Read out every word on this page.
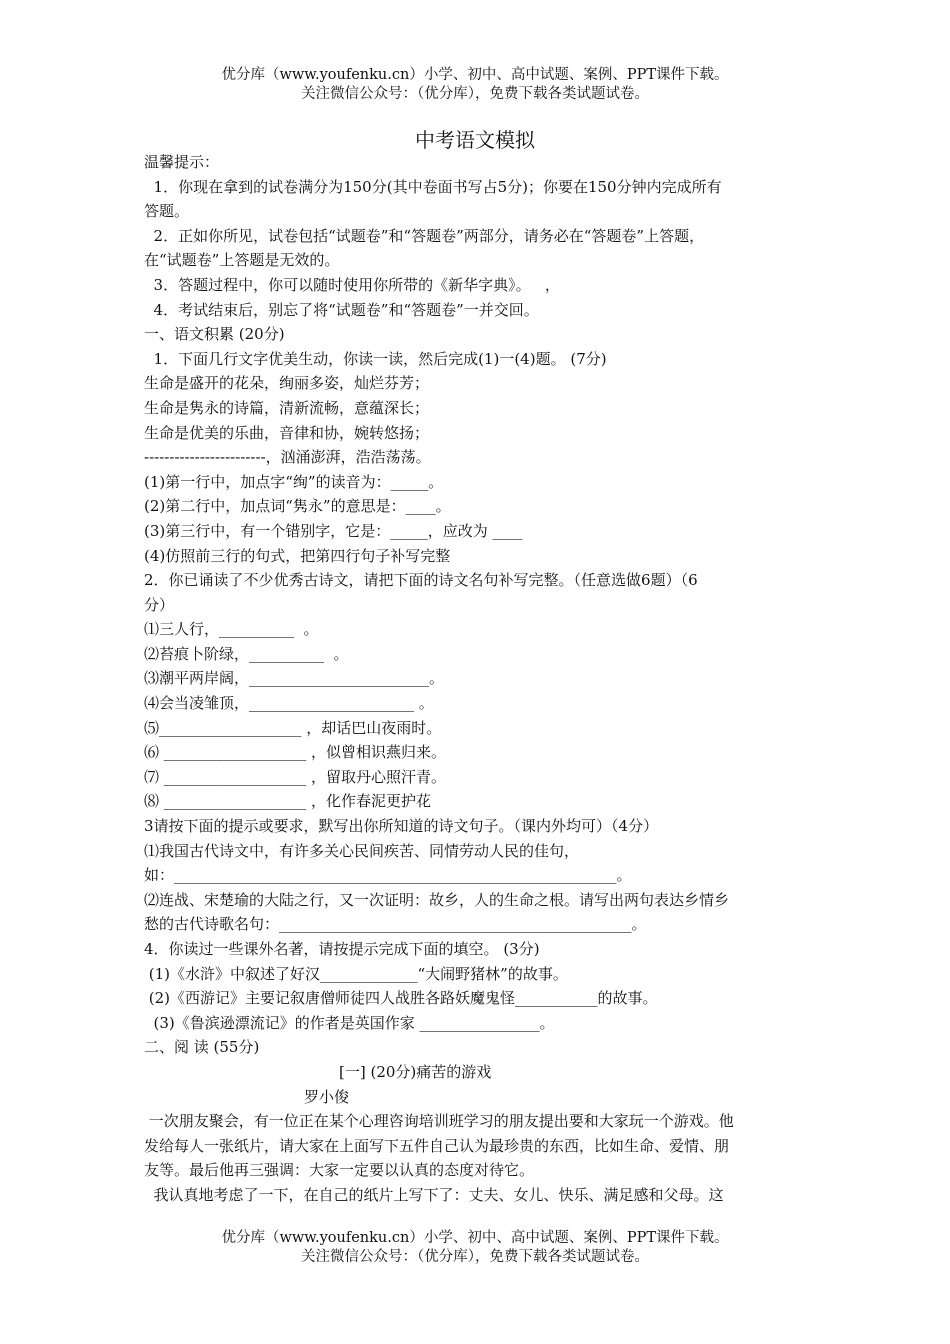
优分库（www.youfenku.cn）小学、初中、高中试题、案例、PPT课件下载。
关注微信公众号：（优分库），免费下载各类试题试卷。
中考语文模拟

温馨提示：

1．你现在拿到的试卷满分为150分(其中卷面书写占5分)；你要在150分钟内完成所有

答题。

2．正如你所见，试卷包括“试题卷”和“答题卷”两部分，请务必在“答题卷”上答题，

在“试题卷”上答题是无效的。

3．答题过程中，你可以随时使用你所带的《新华字典》。   ，

4．考试结束后，别忘了将“试题卷”和“答题卷”一并交回。

一、语文积累 (20分)

1．下面几行文字优美生动，你读一读，然后完成(1)一(4)题。 (7分)

生命是盛开的花朵，绚丽多姿，灿烂芬芳；

生命是隽永的诗篇，清新流畅，意蕴深长；

生命是优美的乐曲，音律和协，婉转悠扬；

------------------------，汹涌澎湃，浩浩荡荡。

(1)第一行中，加点字“绚”的读音为：_____。

(2)第二行中，加点词“隽永”的意思是：____。

(3)第三行中，有一个错别字，它是：_____，应改为 ____

(4)仿照前三行的句式，把第四行句子补写完整

2．你已诵读了不少优秀古诗文，请把下面的诗文名句补写完整。（任意选做6题）（6

分）

⑴三人行，__________  。

⑵苔痕卜阶绿，__________  。

⑶潮平两岸阔，________________________。

⑷会当凌雏顶，______________________ 。

⑸___________________ ，却话巴山夜雨时。

⑹ ___________________ ，似曾相识燕归来。

⑺ ___________________ ，留取丹心照汗青。

⑻ ___________________ ，化作春泥更护花

3请按下面的提示或要求，默写出你所知道的诗文句子。（课内外均可）（4分）

⑴我国古代诗文中，有许多关心民间疾苦、同情劳动人民的佳句，

如：___________________________________________________________。

⑵连战、宋楚瑜的大陆之行，又一次证明：故乡，人的生命之根。请写出两句表达乡情乡

愁的古代诗歌名句：_______________________________________________。

4．你读过一些课外名著，请按提示完成下面的填空。 (3分)

(1)《水浒》中叙述了好汉_____________“大闹野猪林”的故事。

(2)《西游记》主要记叙唐僧师徒四人战胜各路妖魔鬼怪___________的故事。

(3)《鲁滨逊漂流记》的作者是英国作家 ________________。

二、阅 读 (55分)

[一] (20分)痛苦的游戏

罗小俊

一次朋友聚会，有一位正在某个心理咨询培训班学习的朋友提出要和大家玩一个游戏。他

发给每人一张纸片，请大家在上面写下五件自己认为最珍贵的东西，比如生命、爱情、朋

友等。最后他再三强调：大家一定要以认真的态度对待它。

我认真地考虑了一下，在自己的纸片上写下了：丈夫、女儿、快乐、满足感和父母。这

优分库（www.youfenku.cn）小学、初中、高中试题、案例、PPT课件下载。
关注微信公众号：（优分库），免费下载各类试题试卷。
